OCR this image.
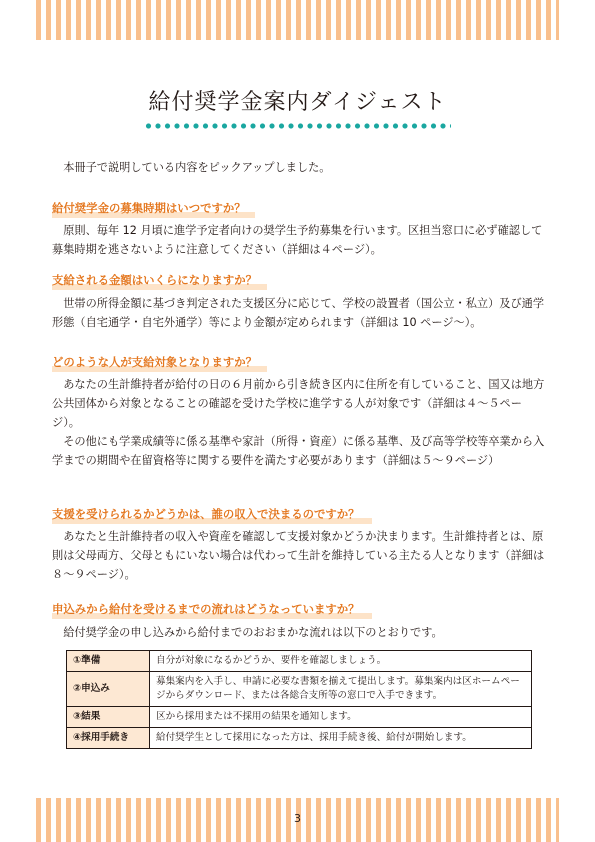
給付奨学金案内ダイジェスト

本冊子で説明している内容をピックアップしました。

給付奨学金の募集時期はいつですか？

原則、毎年 12 月頃に進学予定者向けの奨学生予約募集を行います。区担当窓口に必ず確認して募集時期を逃さないように注意してください（詳細は４ページ）。

支給される金額はいくらになりますか？

世帯の所得金額に基づき判定された支援区分に応じて、学校の設置者（国公立・私立）及び通学形態（自宅通学・自宅外通学）等により金額が定められます（詳細は 10 ページ〜）。

どのような人が支給対象となりますか？

あなたの生計維持者が給付の日の６月前から引き続き区内に住所を有していること、国又は地方公共団体から対象となることの確認を受けた学校に進学する人が対象です（詳細は４〜５ページ）。

その他にも学業成績等に係る基準や家計（所得・資産）に係る基準、及び高等学校等卒業から入学までの期間や在留資格等に関する要件を満たす必要があります（詳細は５〜９ページ）

支援を受けられるかどうかは、誰の収入で決まるのですか？

あなたと生計維持者の収入や資産を確認して支援対象かどうか決まります。生計維持者とは、原則は父母両方、父母ともにいない場合は代わって生計を維持している主たる人となります（詳細は８〜９ページ）。

申込みから給付を受けるまでの流れはどうなっていますか？

給付奨学金の申し込みから給付までのおおまかな流れは以下のとおりです。

①準備	自分が対象になるかどうか、要件を確認しましょう。
②申込み	募集案内を入手し、申請に必要な書類を揃えて提出します。募集案内は区ホームページからダウンロード、または各総合支所等の窓口で入手できます。
③結果	区から採用または不採用の結果を通知します。
④採用手続き	給付奨学生として採用になった方は、採用手続き後、給付が開始します。
3
